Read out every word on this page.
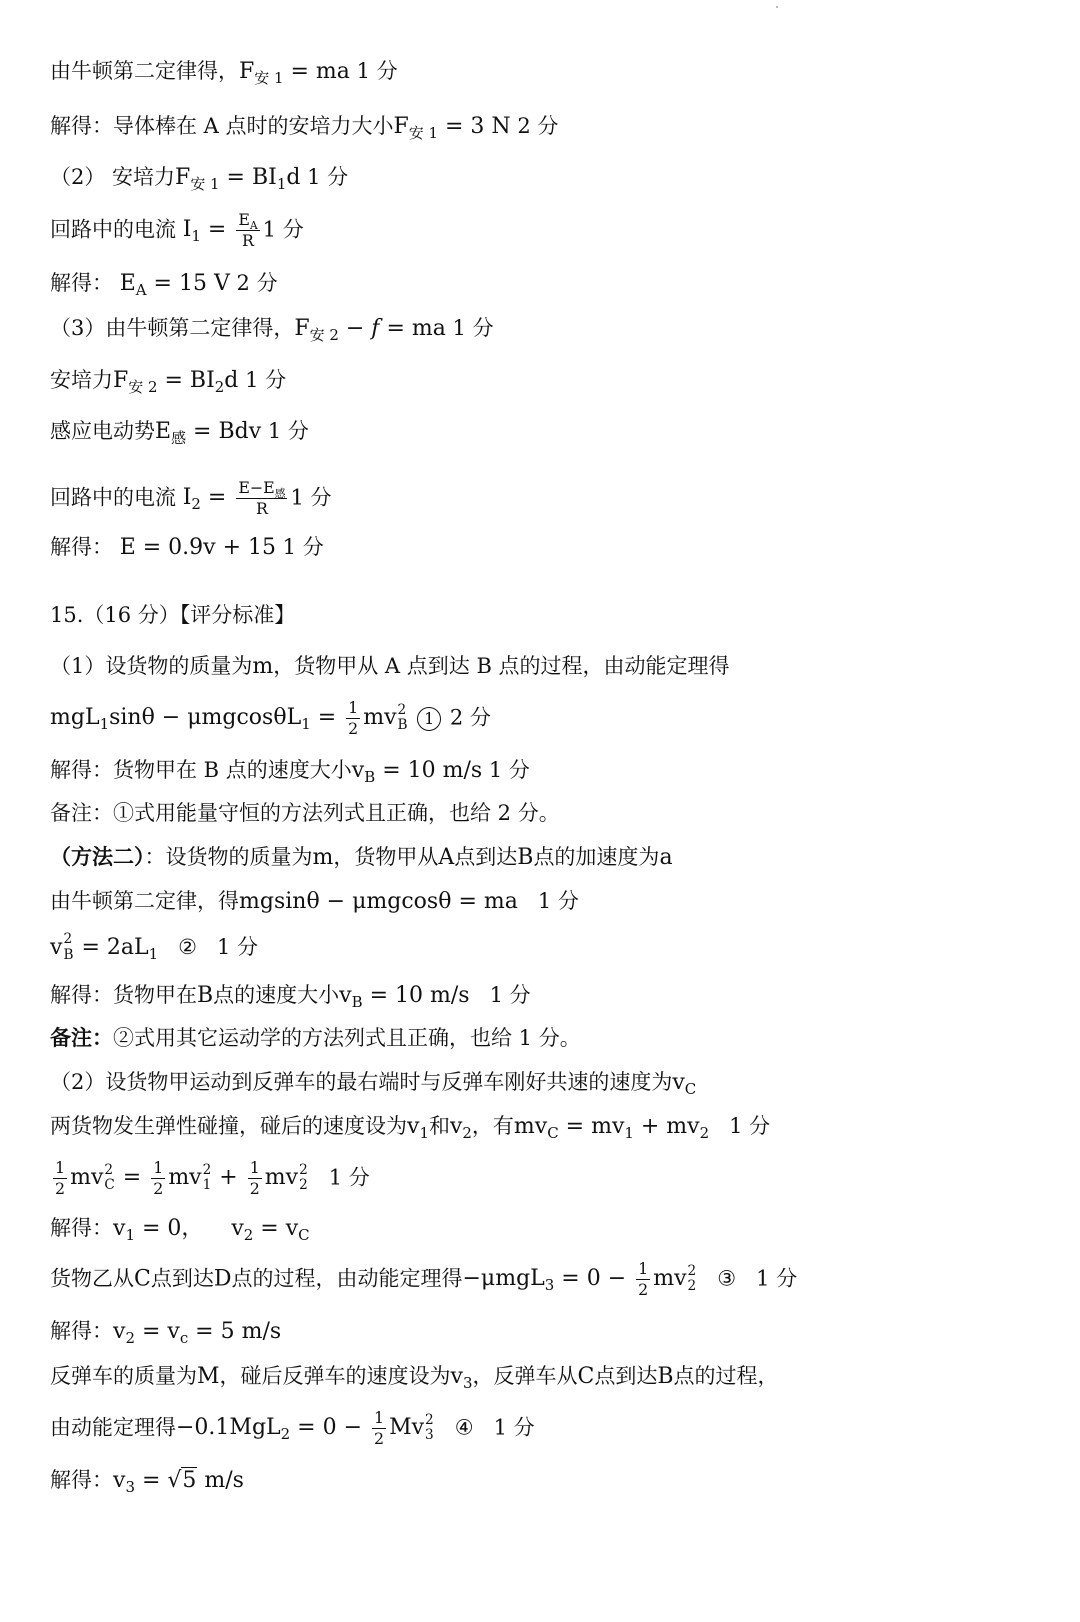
由牛顿第二定律得，$F_{安 1}$ = ma 1 分
解得：导体棒在 A 点时的安培力大小$F_{安 1} = 3$ N 2 分
（2） 安培力$F_{安 1} = BI_1d$ 1 分
回路中的电流 $I_1 = \frac{E_A}{R} 1$ 分
解得： $E_A = 15$ V 2 分
（3）由牛顿第二定律得，$F_{安 2} - f$ = ma 1 分
安培力$F_{安 2} = BI_2d$ 1 分
感应电动势$E_感$ = Bdv 1 分
回路中的电流 $I_2 = \frac{E-E_感}{R} 1$ 分
解得： E = 0.9v + 15 1 分
15.（16 分）【评分标准】
（1）设货物的质量为m，货物甲从 A 点到达 B 点的过程，由动能定理得
$mgL_1\sin\theta - \mu mgcos\theta L_1 = \frac{1}{2}$ mv 2
B 1 2 分
解得：货物甲在 B 点的速度大小$v_B = 10$ m/s 1 分
备注：①式用能量守恒的方法列式且正确，也给 2 分。
（方法二）：设货物的质量为m，货物甲从A点到达B点的加速度为a
由牛顿第二定律，得mgsinθ − μmgcosθ = ma   1 分
v 2
$B = 2aL_1$   ②   1 分
解得：货物甲在B点的速度大小$v_B = 10$ m/s   1 分
备注：②式用其它运动学的方法列式且正确，也给 1 分。
（2）设货物甲运动到反弹车的最右端时与反弹车刚好共速的速度为$v_C$
两货物发生弹性碰撞，碰后的速度设为$v_1$和$v_2$，有$mv_C = mv_1 + mv_2$   1 分
$\frac{1}{2}$ mv 2
$C = \frac{1}{2}$ mv 2
$1 + \frac{1}{2}$ mv 2
2 1 分
解得：$v_1 = 0$，    $v_2 = v_C$
货物乙从C点到达D点的过程，由动能定理得$-\mu mgL_3 = 0 - \frac{1}{2}$ mv 2
2 ③   1 分
解得：$v_2 = v_c = 5$ m/s
反弹车的质量为M，碰后反弹车的速度设为$v_3$，反弹车从C点到达B点的过程，
由动能定理得$-0.1MgL_2 = 0 - \frac{1}{2}$ Mv 2
3 ④   1 分
解得：$v_3 = √5$ m/s
